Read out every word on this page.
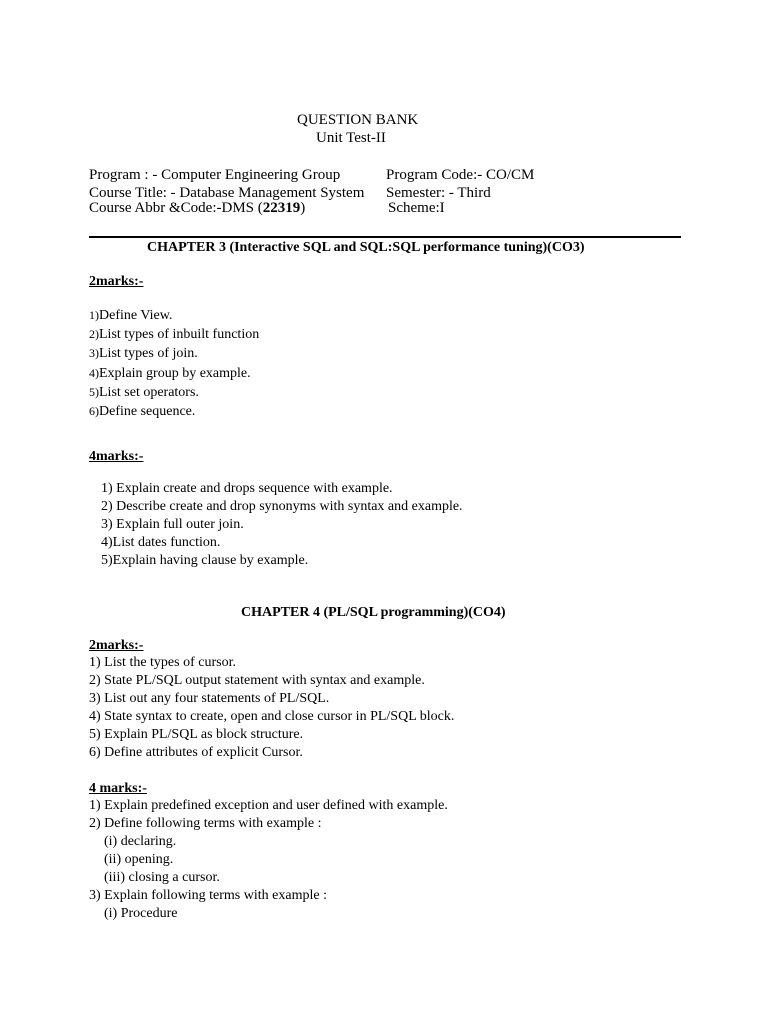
QUESTION BANK
Unit Test-II
Program : - Computer Engineering Group	Program Code:- CO/CM
Course Title: - Database Management System Semester: - Third
Course Abbr &Code:-DMS (22319)	Scheme:I
CHAPTER 3 (Interactive SQL and SQL:SQL performance tuning)(CO3)
2marks:-
1)Define View.
2)List types of inbuilt function
3)List types of join.
4)Explain group by example.
5)List set operators.
6)Define sequence.
4marks:-
1) Explain create and drops sequence with example.
2) Describe create and drop synonyms with syntax and example.
3) Explain full outer join.
4)List dates function.
5)Explain having clause by example.
CHAPTER 4 (PL/SQL programming)(CO4)
2marks:-
1) List the types of cursor.
2) State PL/SQL output statement with syntax and example.
3) List out any four statements of PL/SQL.
4) State syntax to create, open and close cursor in PL/SQL block.
5) Explain PL/SQL as block structure.
6) Define attributes of explicit Cursor.
4 marks:-
1) Explain predefined exception and user defined with example.
2) Define following terms with example :
(i) declaring.
(ii) opening.
(iii) closing a cursor.
3) Explain following terms with example :
(i) Procedure
